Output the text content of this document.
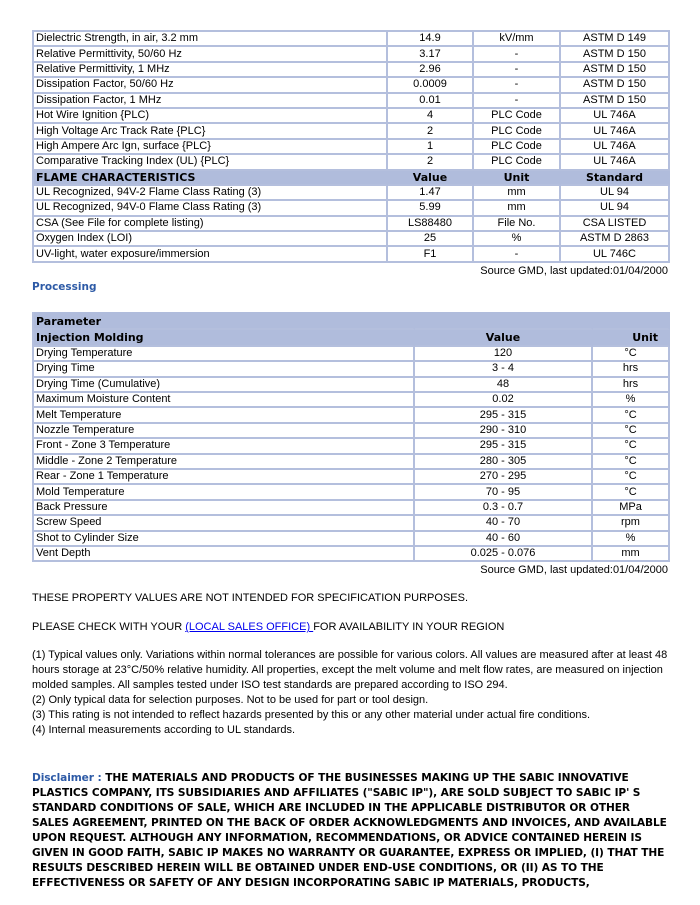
Dielectric Strength, in air, 3.2 mm	14.9	kV/mm	ASTM D 149
Relative Permittivity, 50/60 Hz	3.17	-	ASTM D 150
Relative Permittivity, 1 MHz	2.96	-	ASTM D 150
Dissipation Factor, 50/60 Hz	0.0009	-	ASTM D 150
Dissipation Factor, 1 MHz	0.01	-	ASTM D 150
Hot Wire Ignition {PLC)	4	PLC Code	UL 746A
High Voltage Arc Track Rate {PLC}	2	PLC Code	UL 746A
High Ampere Arc Ign, surface {PLC}	1	PLC Code	UL 746A
Comparative Tracking Index (UL) {PLC}	2	PLC Code	UL 746A
FLAME CHARACTERISTICS	Value	Unit	Standard
UL Recognized, 94V-2 Flame Class Rating (3)	1.47	mm	UL 94
UL Recognized, 94V-0 Flame Class Rating (3)	5.99	mm	UL 94
CSA (See File for complete listing)	LS88480	File No.	CSA LISTED
Oxygen Index (LOI)	25	%	ASTM D 2863
UV-light, water exposure/immersion	F1	-	UL 746C
Source GMD, last updated:01/04/2000
Processing
Parameter		
Injection Molding	Value	Unit
Drying Temperature	120	°C
Drying Time	3 - 4	hrs
Drying Time (Cumulative)	48	hrs
Maximum Moisture Content	0.02	%
Melt Temperature	295 - 315	°C
Nozzle Temperature	290 - 310	°C
Front - Zone 3 Temperature	295 - 315	°C
Middle - Zone 2 Temperature	280 - 305	°C
Rear - Zone 1 Temperature	270 - 295	°C
Mold Temperature	70 - 95	°C
Back Pressure	0.3 - 0.7	MPa
Screw Speed	40 - 70	rpm
Shot to Cylinder Size	40 - 60	%
Vent Depth	0.025 - 0.076	mm
Source GMD, last updated:01/04/2000

THESE PROPERTY VALUES ARE NOT INTENDED FOR SPECIFICATION PURPOSES.

PLEASE CHECK WITH YOUR (LOCAL SALES OFFICE) FOR AVAILABILITY IN YOUR REGION

(1) Typical values only. Variations within normal tolerances are possible for various colors. All values are measured after at least 48 hours storage at 23°C/50% relative humidity. All properties, except the melt volume and melt flow rates, are measured on injection molded samples. All samples tested under ISO test standards are prepared according to ISO 294.
(2) Only typical data for selection purposes. Not to be used for part or tool design.
(3) This rating is not intended to reflect hazards presented by this or any other material under actual fire conditions.
(4) Internal measurements according to UL standards.
Disclaimer : THE MATERIALS AND PRODUCTS OF THE BUSINESSES MAKING UP THE SABIC INNOVATIVE PLASTICS COMPANY, ITS SUBSIDIARIES AND AFFILIATES ("SABIC IP"), ARE SOLD SUBJECT TO SABIC IP' S STANDARD CONDITIONS OF SALE, WHICH ARE INCLUDED IN THE APPLICABLE DISTRIBUTOR OR OTHER SALES AGREEMENT, PRINTED ON THE BACK OF ORDER ACKNOWLEDGMENTS AND INVOICES, AND AVAILABLE UPON REQUEST. ALTHOUGH ANY INFORMATION, RECOMMENDATIONS, OR ADVICE CONTAINED HEREIN IS GIVEN IN GOOD FAITH, SABIC IP MAKES NO WARRANTY OR GUARANTEE, EXPRESS OR IMPLIED, (I) THAT THE RESULTS DESCRIBED HEREIN WILL BE OBTAINED UNDER END-USE CONDITIONS, OR (II) AS TO THE EFFECTIVENESS OR SAFETY OF ANY DESIGN INCORPORATING SABIC IP MATERIALS, PRODUCTS,
